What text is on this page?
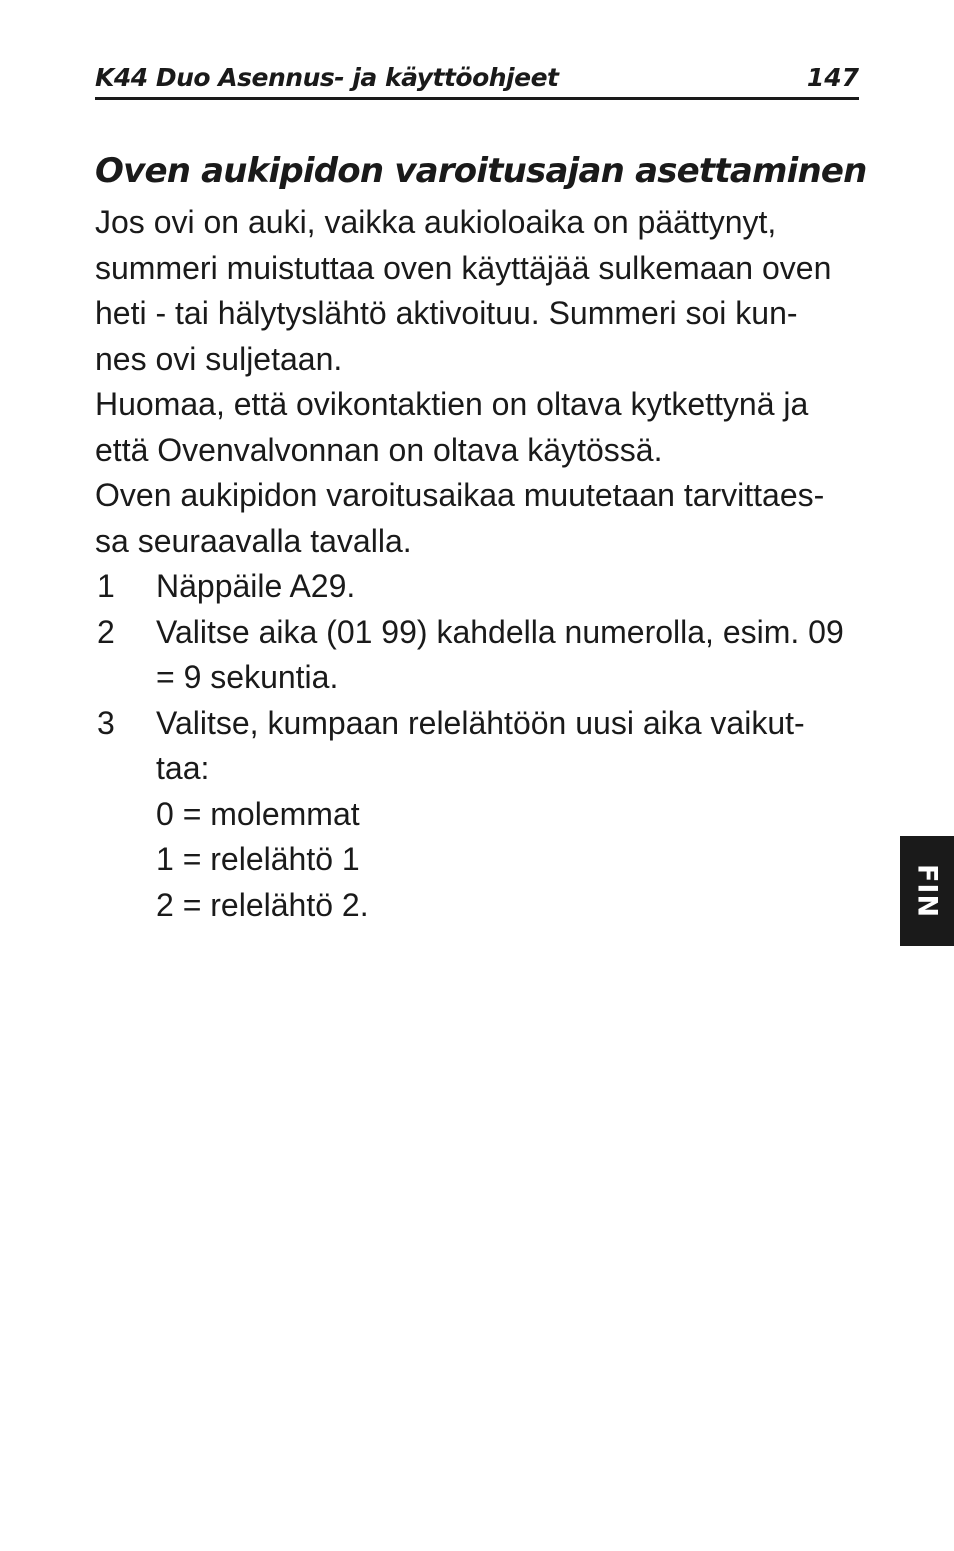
K44 Duo Asennus- ja käyttöohjeet	147
Oven aukipidon varoitusajan asettaminen

Jos ovi on auki, vaikka aukioloaika on päättynyt,
summeri muistuttaa oven käyttäjää sulkemaan oven
heti - tai hälytyslähtö aktivoituu. Summeri soi kun-
nes ovi suljetaan.

Huomaa, että ovikontaktien on oltava kytkettynä ja
että Ovenvalvonnan on oltava käytössä.

Oven aukipidon varoitusaikaa muutetaan tarvittaes-
sa seuraavalla tavalla.

1 Näppäile A29.
2 Valitse aika (01 99) kahdella numerolla, esim. 09
= 9 sekuntia.
3 Valitse, kumpaan relelähtöön uusi aika vaikut-
taa:
0 = molemmat
1 = relelähtö 1
2 = relelähtö 2.	FIN
